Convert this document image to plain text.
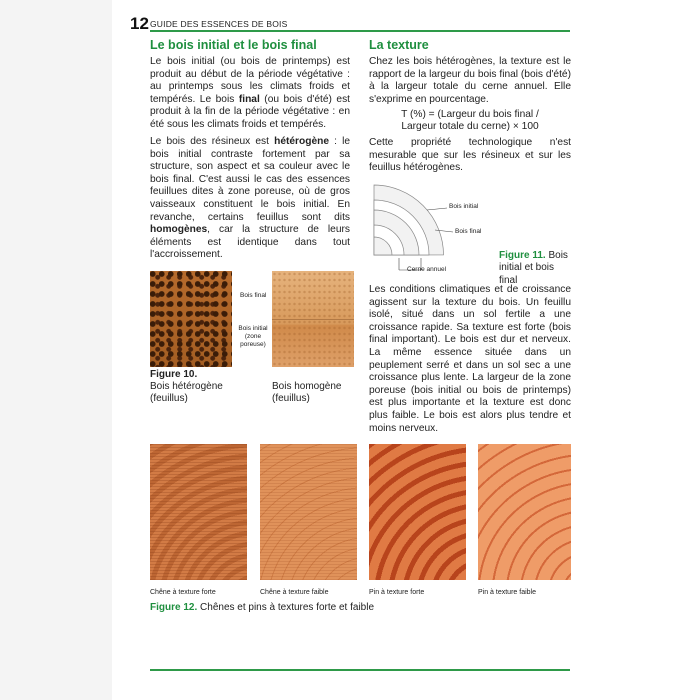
12 GUIDE DES ESSENCES DE BOIS
Le bois initial et le bois final

Le bois initial (ou bois de printemps) est produit au début de la période végétative : au printemps sous les climats froids et tempérés. Le bois final (ou bois d'été) est produit à la fin de la période végétative : en été sous les climats froids et tempérés.

Le bois des résineux est hétérogène : le bois initial contraste fortement par sa structure, son aspect et sa couleur avec le bois final. C'est aussi le cas des essences feuillues dites à zone poreuse, où de gros vaisseaux constituent le bois initial. En revanche, certains feuillus sont dits homogènes, car la structure de leurs éléments est identique dans tout l'accroissement.

Bois final
Bois initial (zone poreuse)
Figure 10.
Bois hétérogène (feuillus)
Bois homogène (feuillus)
La texture

Chez les bois hétérogènes, la texture est le rapport de la largeur du bois final (bois d'été) à la largeur totale du cerne annuel. Elle s'exprime en pourcentage.

T (%) = (Largeur du bois final /

Largeur totale du cerne) × 100

Cette propriété technologique n'est mesurable que sur les résineux et sur les feuillus hétérogènes.

Bois initial
Bois final
Cerne annuel
Figure 11. Bois initial et bois final

Les conditions climatiques et de croissance agissent sur la texture du bois. Un feuillu isolé, situé dans un sol fertile a une croissance rapide. Sa texture est forte (bois final important). Le bois est dur et nerveux. La même essence située dans un peuplement serré et dans un sol sec a une croissance plus lente. La largeur de la zone poreuse (bois initial ou bois de printemps) est plus importante et la texture est donc plus faible. Le bois est alors plus tendre et moins nerveux.

Chêne à texture forte	Chêne à texture faible	Pin à texture forte	Pin à texture faible
Figure 12. Chênes et pins à textures forte et faible
